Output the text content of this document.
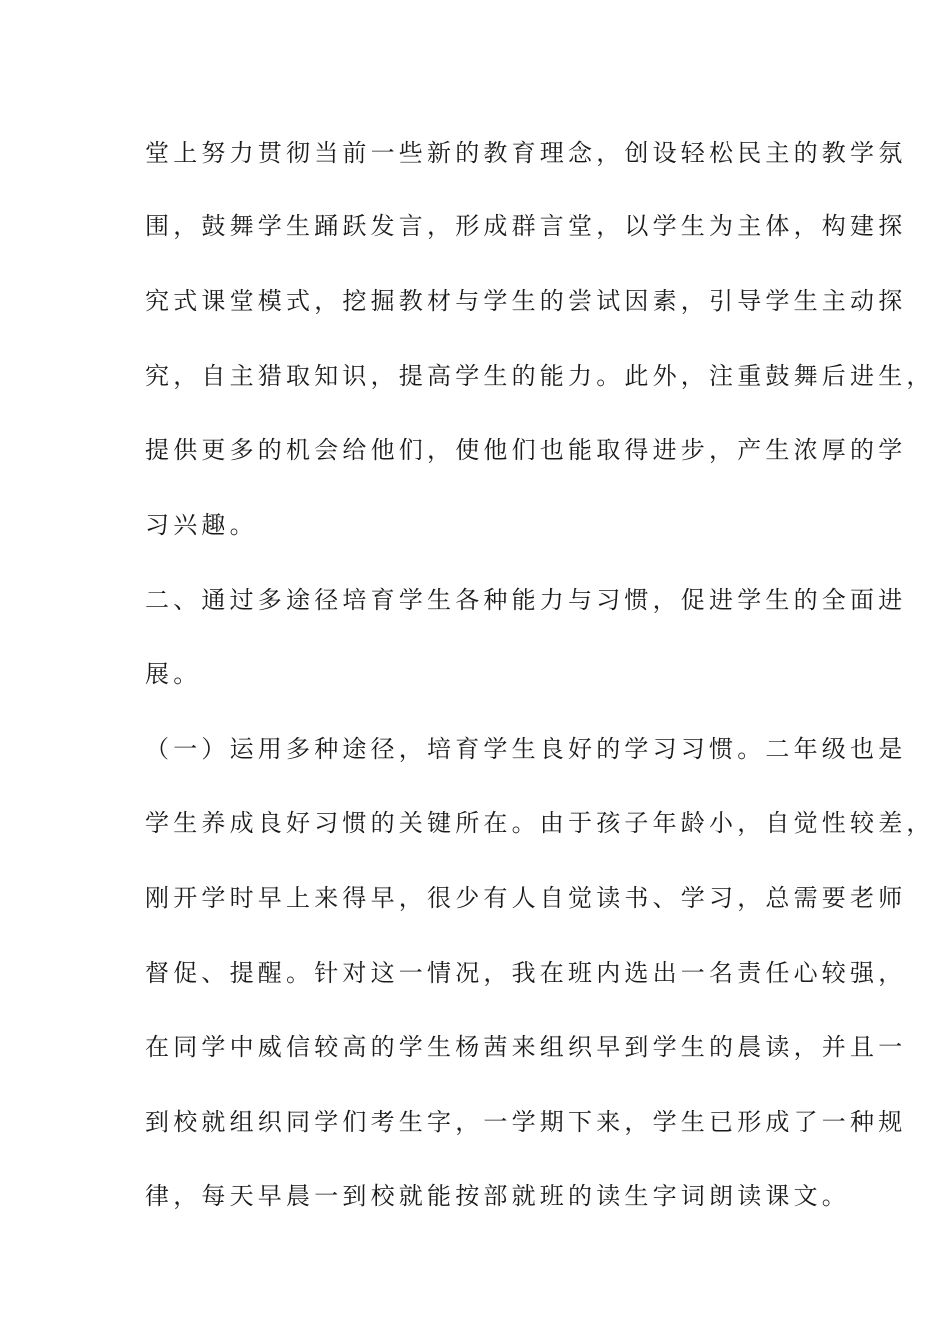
堂上努力贯彻当前一些新的教育理念，创设轻松民主的教学氛
围，鼓舞学生踊跃发言，形成群言堂，以学生为主体，构建探
究式课堂模式，挖掘教材与学生的尝试因素，引导学生主动探
究，自主猎取知识，提高学生的能力。此外，注重鼓舞后进生，
提供更多的机会给他们，使他们也能取得进步，产生浓厚的学
习兴趣。
二、通过多途径培育学生各种能力与习惯，促进学生的全面进
展。
（一）运用多种途径，培育学生良好的学习习惯。二年级也是
学生养成良好习惯的关键所在。由于孩子年龄小，自觉性较差，
刚开学时早上来得早，很少有人自觉读书、学习，总需要老师
督促、提醒。针对这一情况，我在班内选出一名责任心较强，
在同学中威信较高的学生杨茜来组织早到学生的晨读，并且一
到校就组织同学们考生字，一学期下来，学生已形成了一种规
律，每天早晨一到校就能按部就班的读生字词朗读课文。
